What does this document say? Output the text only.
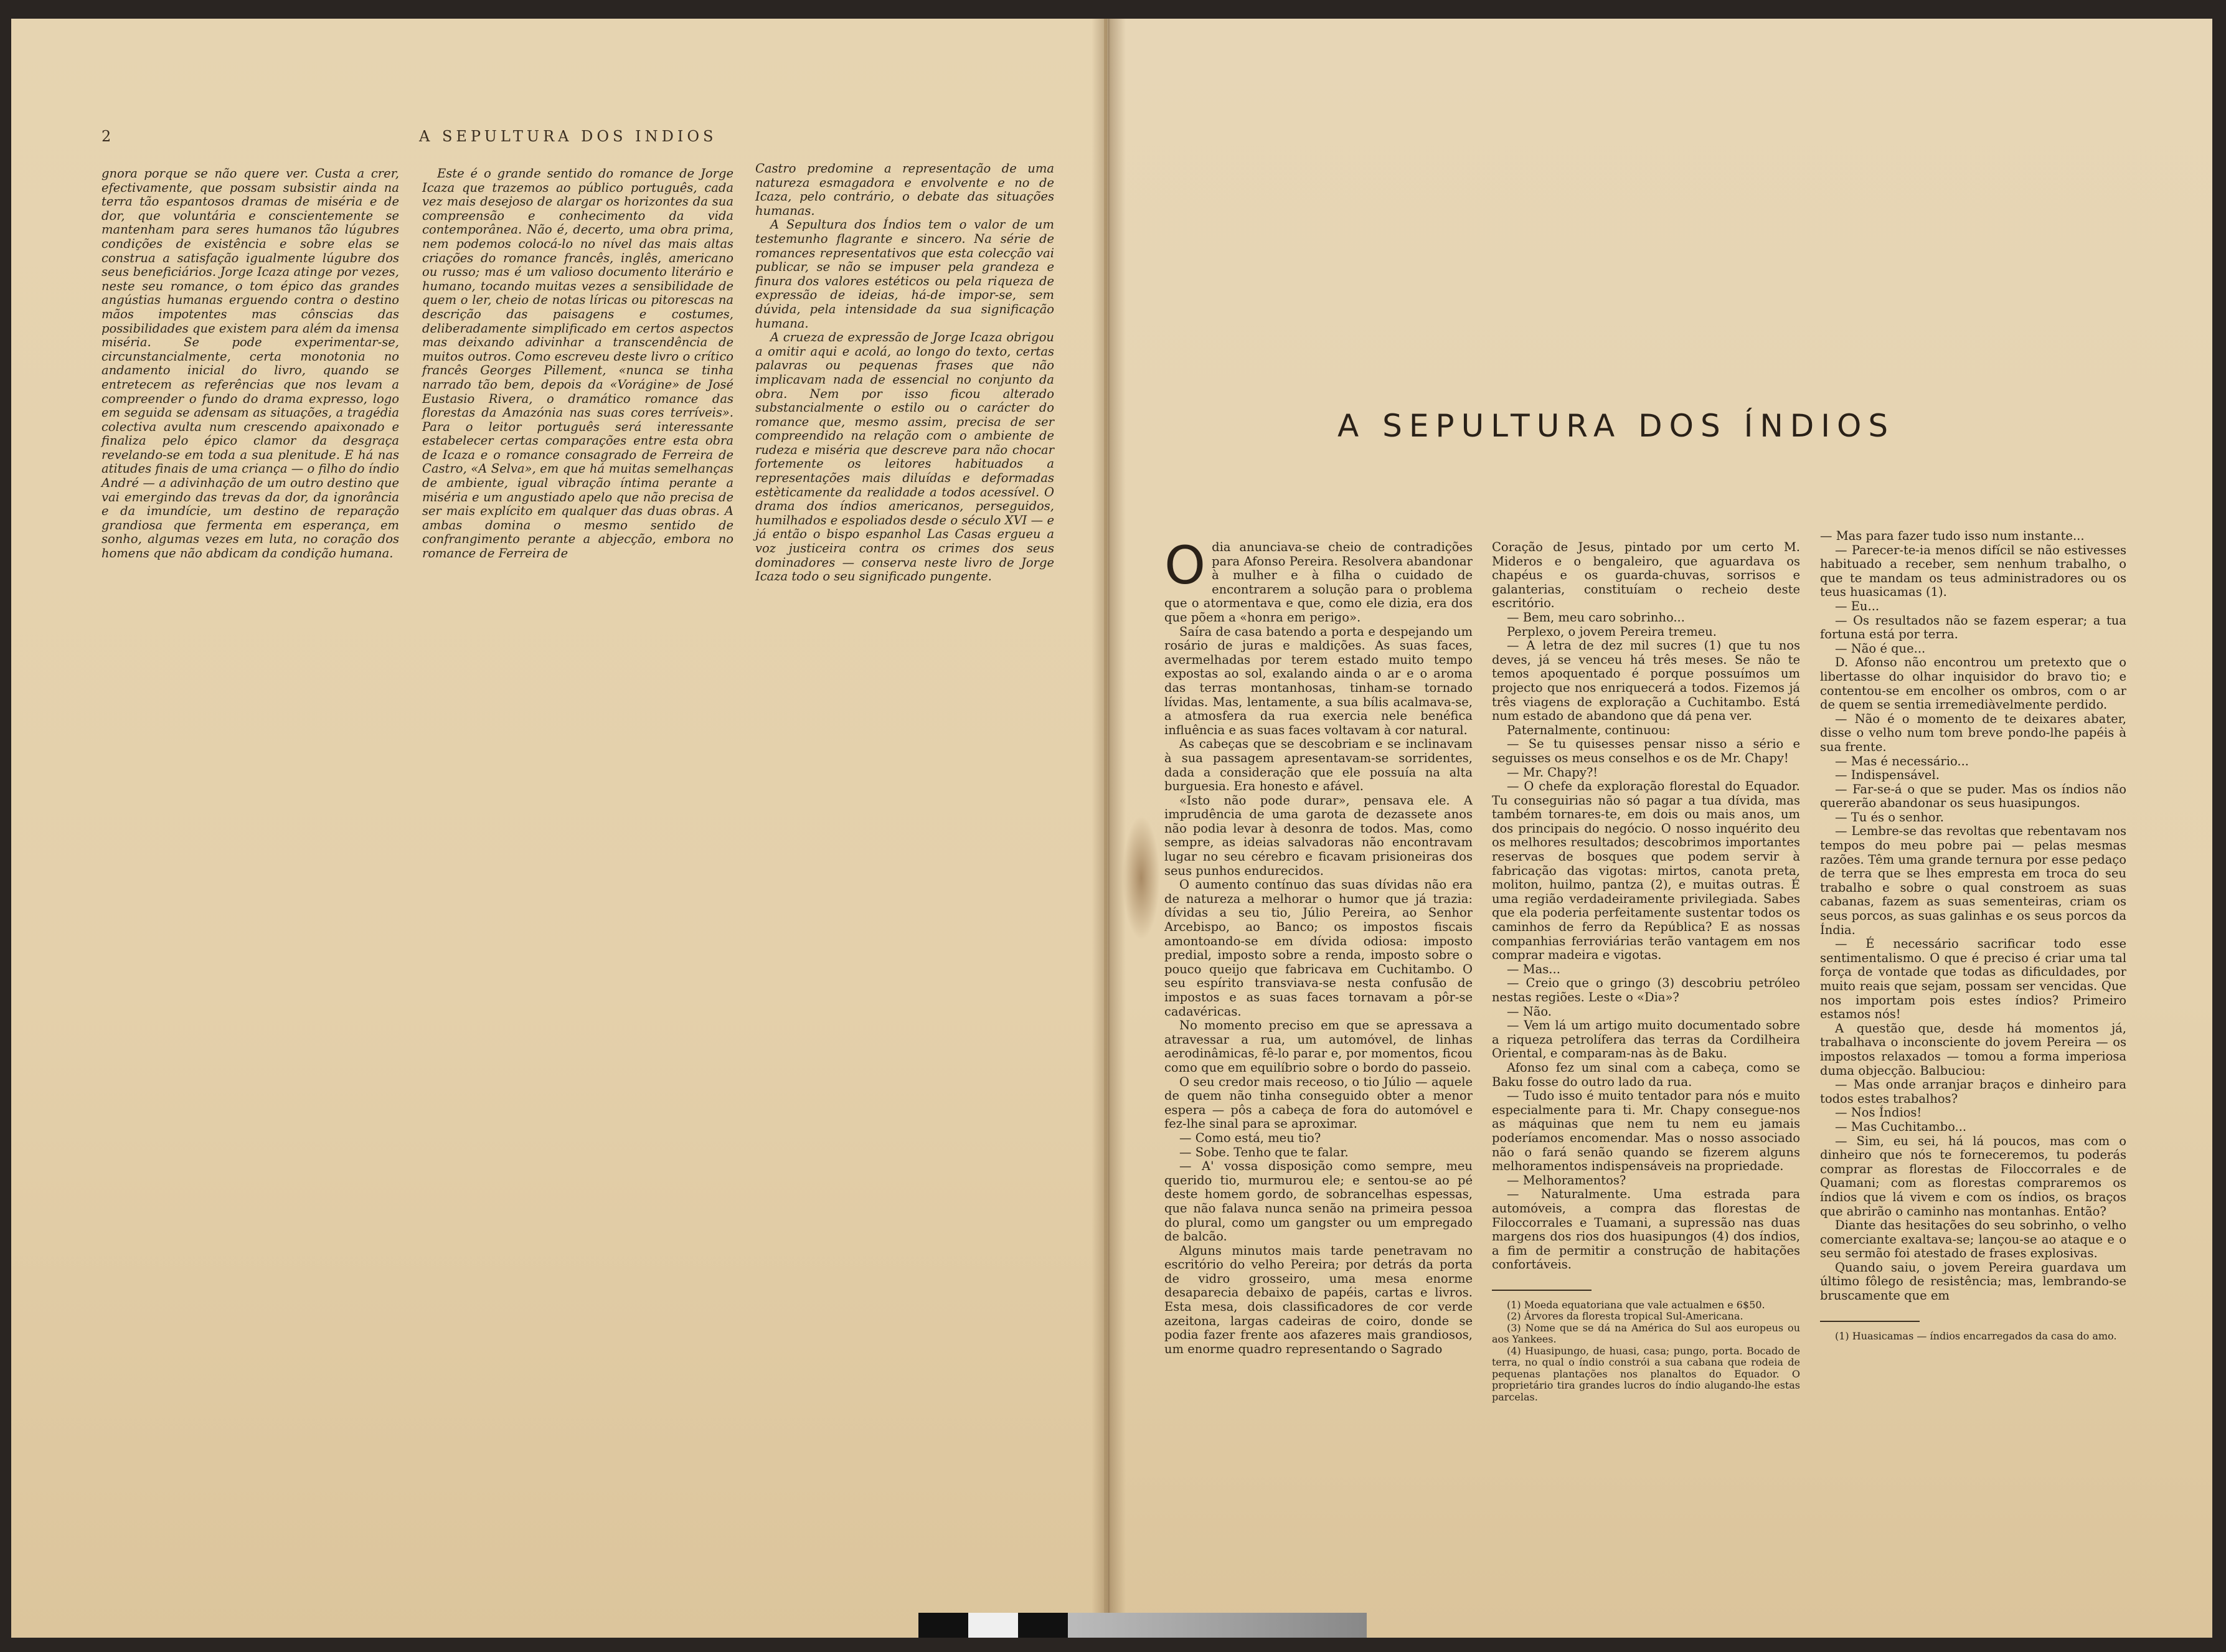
2	A SEPULTURA DOS INDIOS

gnora porque se não quere ver. Custa a crer, efectivamente, que possam subsistir ainda na terra tão espantosos dramas de miséria e de dor, que voluntária e conscientemente se mantenham para seres humanos tão lúgubres condições de existência e sobre elas se construa a satisfação igualmente lúgubre dos seus beneficiários. Jorge Icaza atinge por vezes, neste seu romance, o tom épico das grandes angústias humanas erguendo contra o destino mãos impotentes mas cônscias das possibilidades que existem para além da imensa miséria. Se pode experimentar-se, circunstancialmente, certa monotonia no andamento inicial do livro, quando se entretecem as referências que nos levam a compreender o fundo do drama expresso, logo em seguida se adensam as situações, a tragédia colectiva avulta num crescendo apaixonado e finaliza pelo épico clamor da desgraça revelando-se em toda a sua plenitude. E há nas atitudes finais de uma criança — o filho do índio André — a adivinhação de um outro destino que vai emergindo das trevas da dor, da ignorância e da imundície, um destino de reparação grandiosa que fermenta em esperança, em sonho, algumas vezes em luta, no coração dos homens que não abdicam da condição humana.

Este é o grande sentido do romance de Jorge Icaza que trazemos ao público português, cada vez mais desejoso de alargar os horizontes da sua compreensão e conhecimento da vida contemporânea. Não é, decerto, uma obra prima, nem podemos colocá-lo no nível das mais altas criações do romance francês, inglês, americano ou russo; mas é um valioso documento literário e humano, tocando muitas vezes a sensibilidade de quem o ler, cheio de notas líricas ou pitorescas na descrição das paisagens e costumes, deliberadamente simplificado em certos aspectos mas deixando adivinhar a transcendência de muitos outros. Como escreveu deste livro o crítico francês Georges Pillement, «nunca se tinha narrado tão bem, depois da «Vorágine» de José Eustasio Rivera, o dramático romance das florestas da Amazónia nas suas cores terríveis». Para o leitor português será interessante estabelecer certas comparações entre esta obra de Icaza e o romance consagrado de Ferreira de Castro, «A Selva», em que há muitas semelhanças de ambiente, igual vibração íntima perante a miséria e um angustiado apelo que não precisa de ser mais explícito em qualquer das duas obras. A ambas domina o mesmo sentido de confrangimento perante a abjecção, embora no romance de Ferreira de

Castro predomine a representação de uma natureza esmagadora e envolvente e no de Icaza, pelo contrário, o debate das situações humanas.

A Sepultura dos Índios tem o valor de um testemunho flagrante e sincero. Na série de romances representativos que esta colecção vai publicar, se não se impuser pela grandeza e finura dos valores estéticos ou pela riqueza de expressão de ideias, há-de impor-se, sem dúvida, pela intensidade da sua significação humana.

A crueza de expressão de Jorge Icaza obrigou a omitir aqui e acolá, ao longo do texto, certas palavras ou pequenas frases que não implicavam nada de essencial no conjunto da obra. Nem por isso ficou alterado substancialmente o estilo ou o carácter do romance que, mesmo assim, precisa de ser compreendido na relação com o ambiente de rudeza e miséria que descreve para não chocar fortemente os leitores habituados a representações mais diluídas e deformadas estèticamente da realidade a todos acessível. O drama dos índios americanos, perseguidos, humilhados e espoliados desde o século XVI — e já então o bispo espanhol Las Casas ergueu a voz justiceira contra os crimes dos seus dominadores — conserva neste livro de Jorge Icaza todo o seu significado pungente.

A SEPULTURA DOS ÍNDIOS
O dia anunciava-se cheio de contradições para Afonso Pereira. Resolvera abandonar à mulher e à filha o cuidado de encontrarem a solução para o problema que o atormentava e que, como ele dizia, era dos que põem a «honra em perigo».

Saíra de casa batendo a porta e despejando um rosário de juras e maldições. As suas faces, avermelhadas por terem estado muito tempo expostas ao sol, exalando ainda o ar e o aroma das terras montanhosas, tinham-se tornado lívidas. Mas, lentamente, a sua bílis acalmava-se, a atmosfera da rua exercia nele benéfica influência e as suas faces voltavam à cor natural.

As cabeças que se descobriam e se inclinavam à sua passagem apresentavam-se sorridentes, dada a consideração que ele possuía na alta burguesia. Era honesto e afável.

«Isto não pode durar», pensava ele. A imprudência de uma garota de dezassete anos não podia levar à desonra de todos. Mas, como sempre, as ideias salvadoras não encontravam lugar no seu cérebro e ficavam prisioneiras dos seus punhos endurecidos.

O aumento contínuo das suas dívidas não era de natureza a melhorar o humor que já trazia: dívidas a seu tio, Júlio Pereira, ao Senhor Arcebispo, ao Banco; os impostos fiscais amontoando-se em dívida odiosa: imposto predial, imposto sobre a renda, imposto sobre o pouco queijo que fabricava em Cuchitambo. O seu espírito transviava-se nesta confusão de impostos e as suas faces tornavam a pôr-se cadavéricas.

No momento preciso em que se apressava a atravessar a rua, um automóvel, de linhas aerodinâmicas, fê-lo parar e, por momentos, ficou como que em equilíbrio sobre o bordo do passeio.

O seu credor mais receoso, o tio Júlio — aquele de quem não tinha conseguido obter a menor espera — pôs a cabeça de fora do automóvel e fez-lhe sinal para se aproximar.

— Como está, meu tio?

— Sobe. Tenho que te falar.

— A' vossa disposição como sempre, meu querido tio, murmurou ele; e sentou-se ao pé deste homem gordo, de sobrancelhas espessas, que não falava nunca senão na primeira pessoa do plural, como um gangster ou um empregado de balcão.

Alguns minutos mais tarde penetravam no escritório do velho Pereira; por detrás da porta de vidro grosseiro, uma mesa enorme desaparecia debaixo de papéis, cartas e livros. Esta mesa, dois classificadores de cor verde azeitona, largas cadeiras de coiro, donde se podia fazer frente aos afazeres mais grandiosos, um enorme quadro representando o Sagrado

Coração de Jesus, pintado por um certo M. Mideros e o bengaleiro, que aguardava os chapéus e os guarda-chuvas, sorrisos e galanterias, constituíam o recheio deste escritório.

— Bem, meu caro sobrinho...

Perplexo, o jovem Pereira tremeu.

— A letra de dez mil sucres (1) que tu nos deves, já se venceu há três meses. Se não te temos apoquentado é porque possuímos um projecto que nos enriquecerá a todos. Fizemos já três viagens de exploração a Cuchitambo. Está num estado de abandono que dá pena ver.

Paternalmente, continuou:

— Se tu quisesses pensar nisso a sério e seguisses os meus conselhos e os de Mr. Chapy!

— Mr. Chapy?!

— O chefe da exploração florestal do Equador. Tu conseguirias não só pagar a tua dívida, mas também tornares-te, em dois ou mais anos, um dos principais do negócio. O nosso inquérito deu os melhores resultados; descobrimos importantes reservas de bosques que podem servir à fabricação das vigotas: mirtos, canota preta, moliton, huilmo, pantza (2), e muitas outras. É uma região verdadeiramente privilegiada. Sabes que ela poderia perfeitamente sustentar todos os caminhos de ferro da República? E as nossas companhias ferroviárias terão vantagem em nos comprar madeira e vigotas.

— Mas...

— Creio que o gringo (3) descobriu petróleo nestas regiões. Leste o «Dia»?

— Não.

— Vem lá um artigo muito documentado sobre a riqueza petrolífera das terras da Cordilheira Oriental, e comparam-nas às de Baku.

Afonso fez um sinal com a cabeça, como se Baku fosse do outro lado da rua.

— Tudo isso é muito tentador para nós e muito especialmente para ti. Mr. Chapy consegue-nos as máquinas que nem tu nem eu jamais poderíamos encomendar. Mas o nosso associado não o fará senão quando se fizerem alguns melhoramentos indispensáveis na propriedade.

— Melhoramentos?

— Naturalmente. Uma estrada para automóveis, a compra das florestas de Filoccorrales e Tuamani, a supressão nas duas margens dos rios dos huasipungos (4) dos índios, a fim de permitir a construção de habitações confortáveis.

(1) Moeda equatoriana que vale actualmen e 6$50.

(2) Árvores da floresta tropical Sul-Americana.

(3) Nome que se dá na América do Sul aos europeus ou aos Yankees.

(4) Huasipungo, de huasi, casa; pungo, porta. Bocado de terra, no qual o índio constrói a sua cabana que rodeia de pequenas plantações nos planaltos do Equador. O proprietário tira grandes lucros do índio alugando-lhe estas parcelas.

— Mas para fazer tudo isso num instante...

— Parecer-te-ia menos difícil se não estivesses habituado a receber, sem nenhum trabalho, o que te mandam os teus administradores ou os teus huasicamas (1).

— Eu...

— Os resultados não se fazem esperar; a tua fortuna está por terra.

— Não é que...

D. Afonso não encontrou um pretexto que o libertasse do olhar inquisidor do bravo tio; e contentou-se em encolher os ombros, com o ar de quem se sentia irremediàvelmente perdido.

— Não é o momento de te deixares abater, disse o velho num tom breve pondo-lhe papéis à sua frente.

— Mas é necessário...

— Indispensável.

— Far-se-á o que se puder. Mas os índios não quererão abandonar os seus huasipungos.

— Tu és o senhor.

— Lembre-se das revoltas que rebentavam nos tempos do meu pobre pai — pelas mesmas razões. Têm uma grande ternura por esse pedaço de terra que se lhes empresta em troca do seu trabalho e sobre o qual constroem as suas cabanas, fazem as suas sementeiras, criam os seus porcos, as suas galinhas e os seus porcos da Índia.

— É necessário sacrificar todo esse sentimentalismo. O que é preciso é criar uma tal força de vontade que todas as dificuldades, por muito reais que sejam, possam ser vencidas. Que nos importam pois estes índios? Primeiro estamos nós!

A questão que, desde há momentos já, trabalhava o inconsciente do jovem Pereira — os impostos relaxados — tomou a forma imperiosa duma objecção. Balbuciou:

— Mas onde arranjar braços e dinheiro para todos estes trabalhos?

— Nos Índios!

— Mas Cuchitambo...

— Sim, eu sei, há lá poucos, mas com o dinheiro que nós te forneceremos, tu poderás comprar as florestas de Filoccorrales e de Quamani; com as florestas compraremos os índios que lá vivem e com os índios, os braços que abrirão o caminho nas montanhas. Então?

Diante das hesitações do seu sobrinho, o velho comerciante exaltava-se; lançou-se ao ataque e o seu sermão foi atestado de frases explosivas.

Quando saiu, o jovem Pereira guardava um último fôlego de resistência; mas, lembrando-se bruscamente que em

(1) Huasicamas — índios encarregados da casa do amo.
